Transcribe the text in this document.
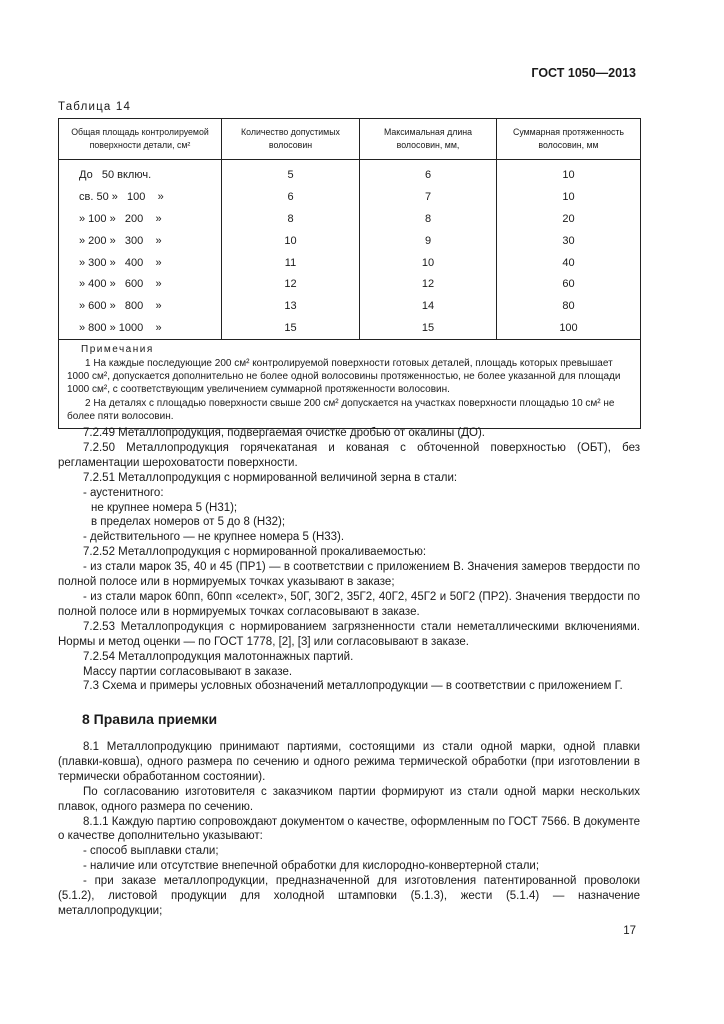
ГОСТ 1050—2013
Таблица 14
Общая площадь контролируемой поверхности детали, см²	Количество допустимых волосовин	Максимальная длина волосовин, мм,	Суммарная протяженность волосовин, мм
До   50 включ.	5	6	10
св. 50 »   100    »	6	7	10
» 100 »   200    »	8	8	20
» 200 »   300    »	10	9	30
» 300 »   400    »	11	10	40
» 400 »   600    »	12	12	60
» 600 »   800    »	13	14	80
» 800 » 1000    »	15	15	100

Примечания
1 На каждые последующие 200 см² контролируемой поверхности готовых деталей, площадь которых превышает 1000 см², допускается дополнительно не более одной волосовины протяженностью, не более указанной для площади 1000 см², с соответствующим увеличением суммарной протяженности волосовин.
2 На деталях с площадью поверхности свыше 200 см² допускается на участках поверхности площадью 10 см² не более пяти волосовин.			

7.2.49 Металлопродукция, подвергаемая очистке дробью от окалины (ДО).

7.2.50 Металлопродукция горячекатаная и кованая с обточенной поверхностью (ОБТ), без регламентации шероховатости поверхности.

7.2.51 Металлопродукция с нормированной величиной зерна в стали:

- аустенитного:

не крупнее номера 5 (Н31);

в пределах номеров от 5 до 8 (Н32);

- действительного — не крупнее номера 5 (Н33).

7.2.52 Металлопродукция с нормированной прокаливаемостью:

- из стали марок 35, 40 и 45 (ПР1) — в соответствии с приложением В. Значения замеров твердости по полной полосе или в нормируемых точках указывают в заказе;

- из стали марок 60пп, 60пп «селект», 50Г, 30Г2, 35Г2, 40Г2, 45Г2 и 50Г2 (ПР2). Значения твердости по полной полосе или в нормируемых точках согласовывают в заказе.

7.2.53 Металлопродукция с нормированием загрязненности стали неметаллическими включениями. Нормы и метод оценки — по ГОСТ 1778, [2], [3] или согласовывают в заказе.

7.2.54 Металлопродукция малотоннажных партий.

Массу партии согласовывают в заказе.

7.3 Схема и примеры условных обозначений металлопродукции — в соответствии с приложением Г.

8 Правила приемки

8.1 Металлопродукцию принимают партиями, состоящими из стали одной марки, одной плавки (плавки-ковша), одного размера по сечению и одного режима термической обработки (при изготовлении в термически обработанном состоянии).

По согласованию изготовителя с заказчиком партии формируют из стали одной марки нескольких плавок, одного размера по сечению.

8.1.1 Каждую партию сопровождают документом о качестве, оформленным по ГОСТ 7566. В документе о качестве дополнительно указывают:

- способ выплавки стали;

- наличие или отсутствие внепечной обработки для кислородно-конвертерной стали;

- при заказе металлопродукции, предназначенной для изготовления патентированной проволоки (5.1.2), листовой продукции для холодной штамповки (5.1.3), жести (5.1.4) — назначение металлопродукции;

17
